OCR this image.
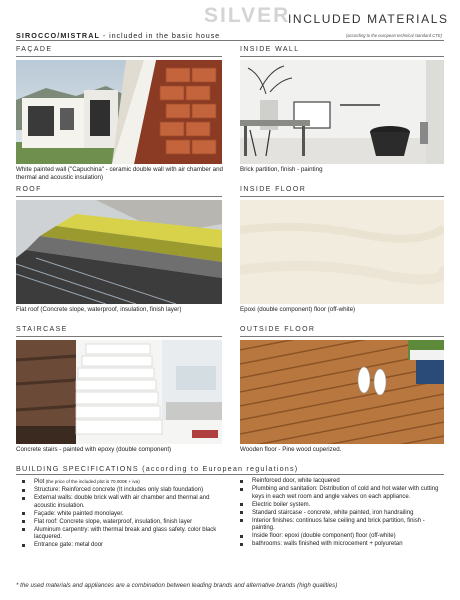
SILVER
INCLUDED MATERIALS
SIROCCO/MISTRAL - included in the basic house	(according to the european technical standard CTE)
FAÇADE
White painted wall ("Capuchina" - ceramic double wall with air chamber and thermal and acoustic insulation)
INSIDE WALL
Brick partition, finish - painting
ROOF
Flat roof (Concrete slope, waterproof, insulation, finish layer)
INSIDE FLOOR
Epoxi (double component) floor (off-white)
STAIRCASE
Concrete stairs - painted with epoxy (double component)
OUTSIDE FLOOR
Wooden floor - Pine wood cuperized.
BUILDING SPECIFICATIONS (according to European regulations)
Plot (the price of the included plot is 70.000€ + iva)
Structure: Reinforced concrete (It includes only slab foundation)
External walls: double brick wall with air chamber and thermal and acoustic insulation.
Façade: white painted monolayer.
Flat roof: Concrete slope, waterproof, insulation, finish layer
Aluminum carpentry: with thermal break and glass safety. color black lacquered.
Entrance gate: metal door
Reinforced door, white lacquered
Plumbing and sanitation: Distribution of cold and hot water with cutting keys in each wet room and angle valves on each appliance.
Electric boiler system.
Standard staircase - concrete, white painted, iron handrailing
Interior finishes: continuos false ceiling and brick partition, finish - painting.
Inside floor: epoxi (double component) floor (off-white)
bathrooms: walls finished with microcement + polyuretan
* the used materials and appliances are a combination between leading brands and alternative brands (high qualities)
